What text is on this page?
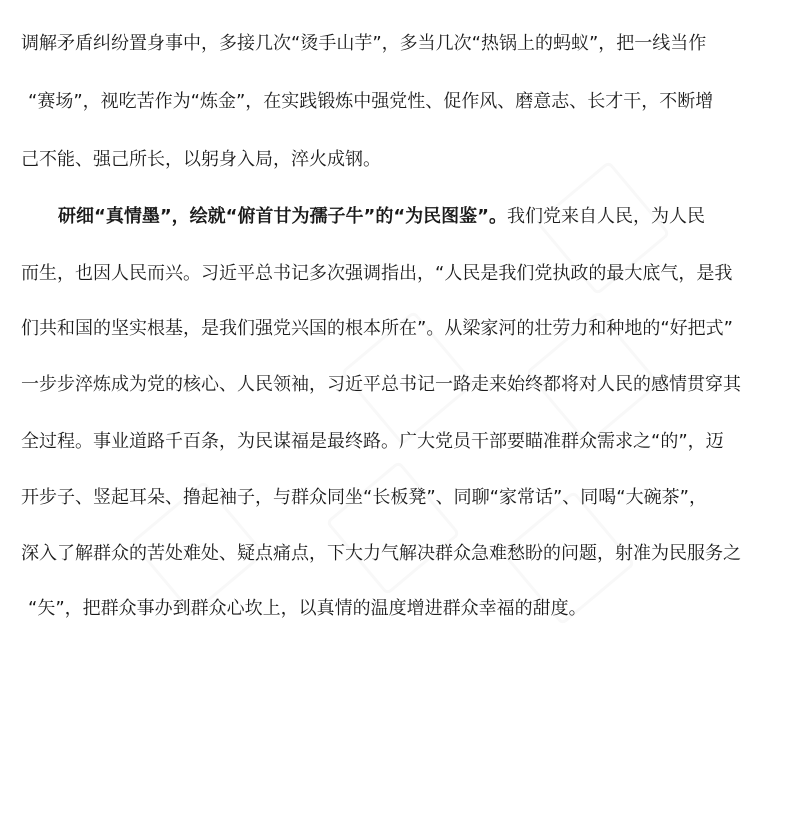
调解矛盾纠纷置身事中，多接几次“烫手山芋”，多当几次“热锅上的蚂蚁”，把一线当作
“赛场”，视吃苦作为“炼金”，在实践锻炼中强党性、促作风、磨意志、长才干，不断增
己不能、强己所长，以躬身入局，淬火成钢。
研细“真情墨”，绘就“俯首甘为孺子牛”的“为民图鉴”。我们党来自人民，为人民
而生，也因人民而兴。习近平总书记多次强调指出，“人民是我们党执政的最大底气，是我
们共和国的坚实根基，是我们强党兴国的根本所在”。从梁家河的壮劳力和种地的“好把式”
一步步淬炼成为党的核心、人民领袖，习近平总书记一路走来始终都将对人民的感情贯穿其
全过程。事业道路千百条，为民谋福是最终路。广大党员干部要瞄准群众需求之“的”，迈
开步子、竖起耳朵、撸起袖子，与群众同坐“长板凳”、同聊“家常话”、同喝“大碗茶”，
深入了解群众的苦处难处、疑点痛点，下大力气解决群众急难愁盼的问题，射准为民服务之
“矢”，把群众事办到群众心坎上，以真情的温度增进群众幸福的甜度。
